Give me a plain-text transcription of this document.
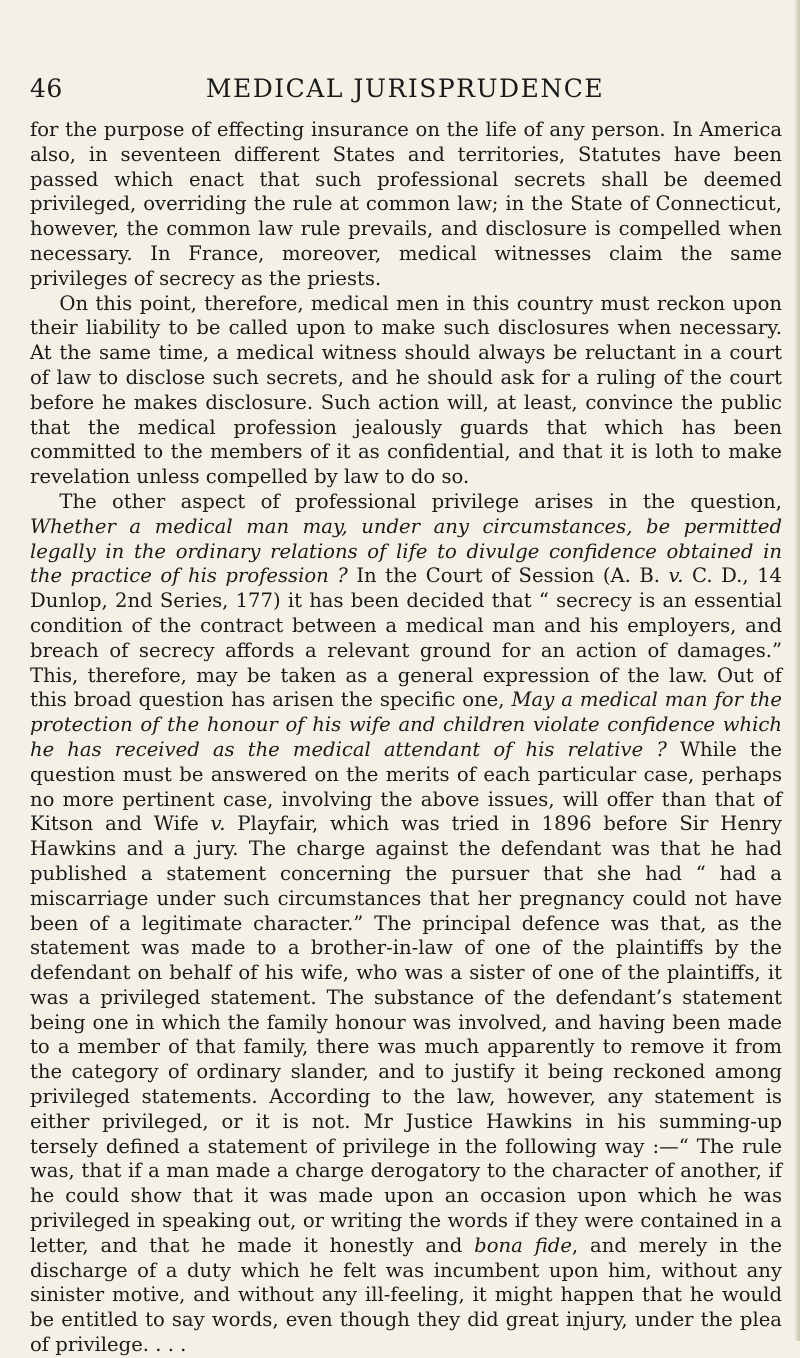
46	MEDICAL JURISPRUDENCE

for the purpose of effecting insurance on the life of any person. In America also, in seventeen different States and territories, Statutes have been passed which enact that such professional secrets shall be deemed privileged, overriding the rule at common law; in the State of Connecticut, however, the common law rule prevails, and disclosure is compelled when necessary. In France, moreover, medical witnesses claim the same privileges of secrecy as the priests.

On this point, therefore, medical men in this country must reckon upon their liability to be called upon to make such disclosures when necessary. At the same time, a medical witness should always be reluctant in a court of law to disclose such secrets, and he should ask for a ruling of the court before he makes disclosure. Such action will, at least, convince the public that the medical profession jealously guards that which has been committed to the members of it as confidential, and that it is loth to make revelation unless compelled by law to do so.

The other aspect of professional privilege arises in the question, Whether a medical man may, under any circumstances, be permitted legally in the ordinary relations of life to divulge confidence obtained in the practice of his profession ? In the Court of Session (A. B. v. C. D., 14 Dunlop, 2nd Series, 177) it has been decided that “ secrecy is an essential condition of the contract between a medical man and his employers, and breach of secrecy affords a relevant ground for an action of damages.” This, therefore, may be taken as a general expression of the law. Out of this broad question has arisen the specific one, May a medical man for the protection of the honour of his wife and children violate confidence which he has received as the medical attendant of his relative ? While the question must be answered on the merits of each particular case, perhaps no more pertinent case, involving the above issues, will offer than that of Kitson and Wife v. Playfair, which was tried in 1896 before Sir Henry Hawkins and a jury. The charge against the defendant was that he had published a statement concerning the pursuer that she had “ had a miscarriage under such circumstances that her pregnancy could not have been of a legitimate character.” The principal defence was that, as the statement was made to a brother-in-law of one of the plaintiffs by the defendant on behalf of his wife, who was a sister of one of the plaintiffs, it was a privileged statement. The substance of the defendant’s statement being one in which the family honour was involved, and having been made to a member of that family, there was much apparently to remove it from the category of ordinary slander, and to justify it being reckoned among privileged statements. According to the law, however, any statement is either privileged, or it is not. Mr Justice Hawkins in his summing-up tersely defined a statement of privilege in the following way :—“ The rule was, that if a man made a charge derogatory to the character of another, if he could show that it was made upon an occasion upon which he was privileged in speaking out, or writing the words if they were contained in a letter, and that he made it honestly and bona fide, and merely in the discharge of a duty which he felt was incumbent upon him, without any sinister motive, and without any ill-feeling, it might happen that he would be entitled to say words, even though they did great injury, under the plea of privilege. . . .
